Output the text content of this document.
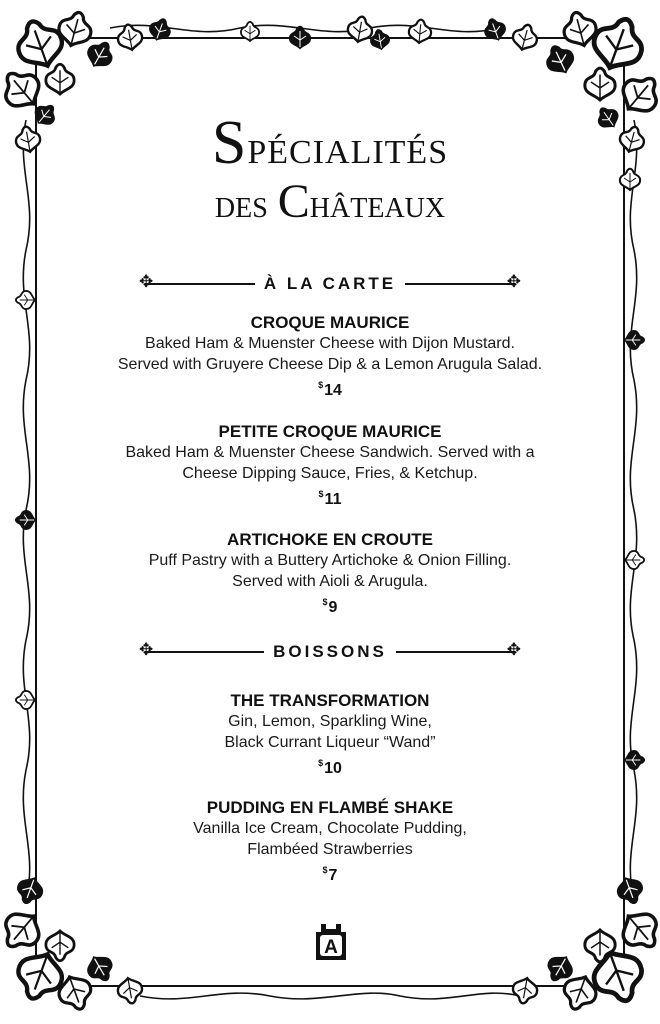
Spécialités
des Châteaux
✥
À LA CARTE
✥
CROQUE MAURICE
Baked Ham & Muenster Cheese with Dijon Mustard.
Served with Gruyere Cheese Dip & a Lemon Arugula Salad.
$14
PETITE CROQUE MAURICE
Baked Ham & Muenster Cheese Sandwich. Served with a
Cheese Dipping Sauce, Fries, & Ketchup.
$11
ARTICHOKE EN CROUTE
Puff Pastry with a Buttery Artichoke & Onion Filling.
Served with Aioli & Arugula.
$9
✥
BOISSONS
✥
THE TRANSFORMATION
Gin, Lemon, Sparkling Wine,
Black Currant Liqueur “Wand”
$10
PUDDING EN FLAMBÉ SHAKE
Vanilla Ice Cream, Chocolate Pudding,
Flambéed Strawberries
$7
A
